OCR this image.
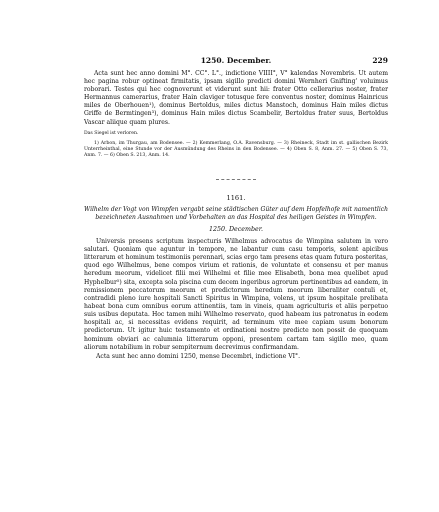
1250. December.	229

Acta sunt hec anno domini M°. CC°. L°., indictione VIIII°, V° kalendas Novembris. Ut autem hec pagina robur optineat firmitatis, ipsam sigillo predicti domini Wernheri Gnifting' voluimus roborari. Testes qui hec cognoverunt et viderunt sunt hii: frater Otto cellerarius noster, frater Hermannus camerarius, frater Hain claviger totusque fere conventus noster, dominus Hainricus miles de Oberhouen¹), dominus Bertoldus, miles dictus Manstoch, dominus Hain miles dictus Griffe de Bermtingen³), dominus Hain miles dictus Scambelir, Bertoldus frater suus, Bertoldus Vascar aliique quam plures.

Das Siegel ist verloren.

1) Arbon, im Thurgau, am Bodensee. — 2) Kemmerlang, O.A. Ravensburg. — 3) Rheineck, Stadt im st. gallischen Bezirk Unterrheinthal, eine Stunde vor der Ausmündung des Rheins in den Bodensee. — 4) Oben S. 8, Anm. 27. — 5) Oben S. 73, Anm. 7. — 6) Oben S. 213, Anm. 14.

1161.

Wilhelm der Vogt von Wimpfen vergabt seine städtischen Güter auf dem Hopfelhofe mit namentlich bezeichneten Ausnahmen und Vorbehalten an das Hospital des heiligen Geistes in Wimpfen.

1250. December.

Universis presens scriptum inspecturis Wilhelmus advocatus de Wimpina salutem in vero salutari. Quoniam que aguntur in tempore, ne labantur cum casu temporis, solent apicibus litterarum et hominum testimoniis perennari, scias ergo tam presens etas quam futura posteritas, quod ego Wilhelmus, bene compos virium et rationis, de voluntate et consensu et per manus heredum meorum, videlicet filii mei Wilhelmi et filie mee Elisabeth, bona mea quelibet apud Hyphelbur⁵) sita, excepta sola piscina cum decem ingeribus agrorum pertinentibus ad eandem, in remissionem peccatorum meorum et predictorum heredum meorum liberaliter contuli et, contradidi pleno iure hospitali Sancti Spiritus in Wimpina, volens, ut ipsum hospitale prelibata habeat bona cum omnibus eorum attinentiis, tam in vineis, quam agriculturis et aliis perpetuo suis usibus deputata. Hoc tamen mihi Wilhelmo reservato, quod habeam ius patronatus in eodem hospitali ac, si necessitas evidens requirit, ad terminum vite mee capiam usum bonorum predictorum. Ut igitur huic testamento et ordinationi nostre predicte non possit de quoquam hominum obviari ac calumnia litterarum opponi, presentem cartam tam sigillo meo, quam aliorum notabilium in robur sempiternum decrevimus confirmandam.

Acta sunt hec anno domini 1250, mense Decembri, indictione VI°.
